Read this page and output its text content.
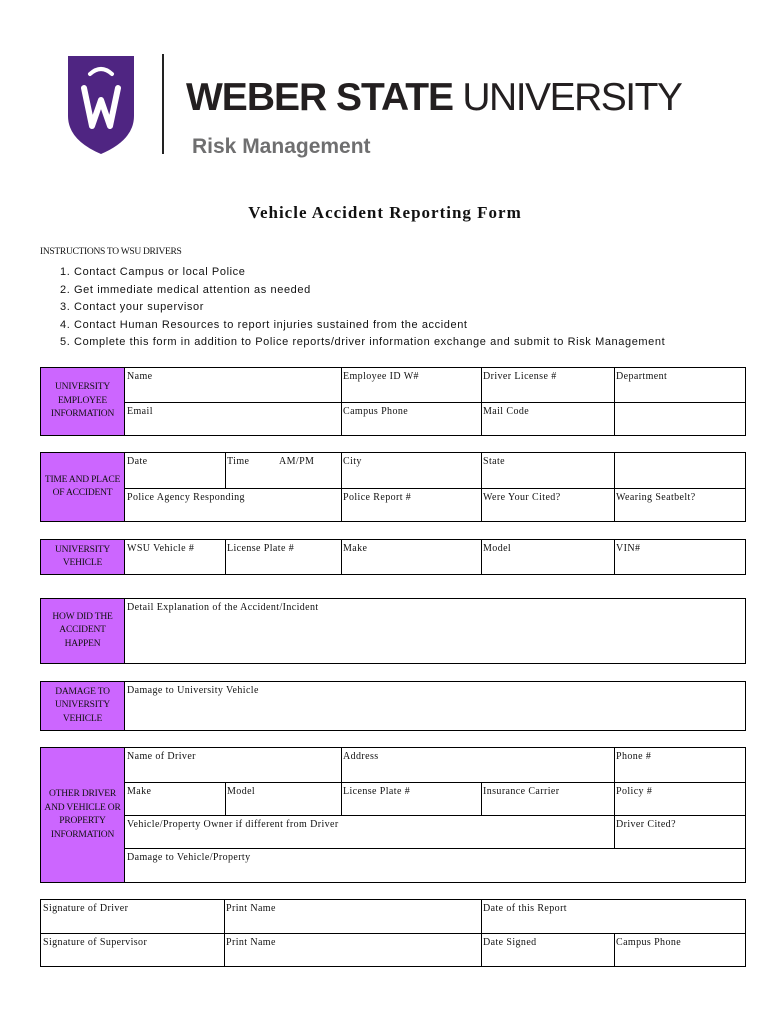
WEBER STATE UNIVERSITY
Risk Management
Vehicle Accident Reporting Form
INSTRUCTIONS TO WSU DRIVERS
1. Contact Campus or local Police
2. Get immediate medical attention as needed
3. Contact your supervisor
4. Contact Human Resources to report injuries sustained from the accident
5. Complete this form in addition to Police reports/driver information exchange and submit to Risk Management
UNIVERSITY EMPLOYEE INFORMATION
Name	Employee ID W#	Driver License #	Department
Email	Campus Phone	Mail Code
TIME AND PLACE OF ACCIDENT
Date	Time	AM/PM	City	State
Police Agency Responding	Police Report #	Were Your Cited?	Wearing Seatbelt?
UNIVERSITY VEHICLE
WSU Vehicle #	License Plate #	Make	Model	VIN#
HOW DID THE ACCIDENT HAPPEN
Detail Explanation of the Accident/Incident
DAMAGE TO UNIVERSITY VEHICLE
Damage to University Vehicle
OTHER DRIVER AND VEHICLE OR PROPERTY INFORMATION
Name of Driver	Address	Phone #
Make	Model	License Plate #	Insurance Carrier	Policy #
Vehicle/Property Owner if different from Driver	Driver Cited?
Damage to Vehicle/Property
Signature of Driver	Print Name	Date of this Report
Signature of Supervisor	Print Name	Date Signed	Campus Phone
